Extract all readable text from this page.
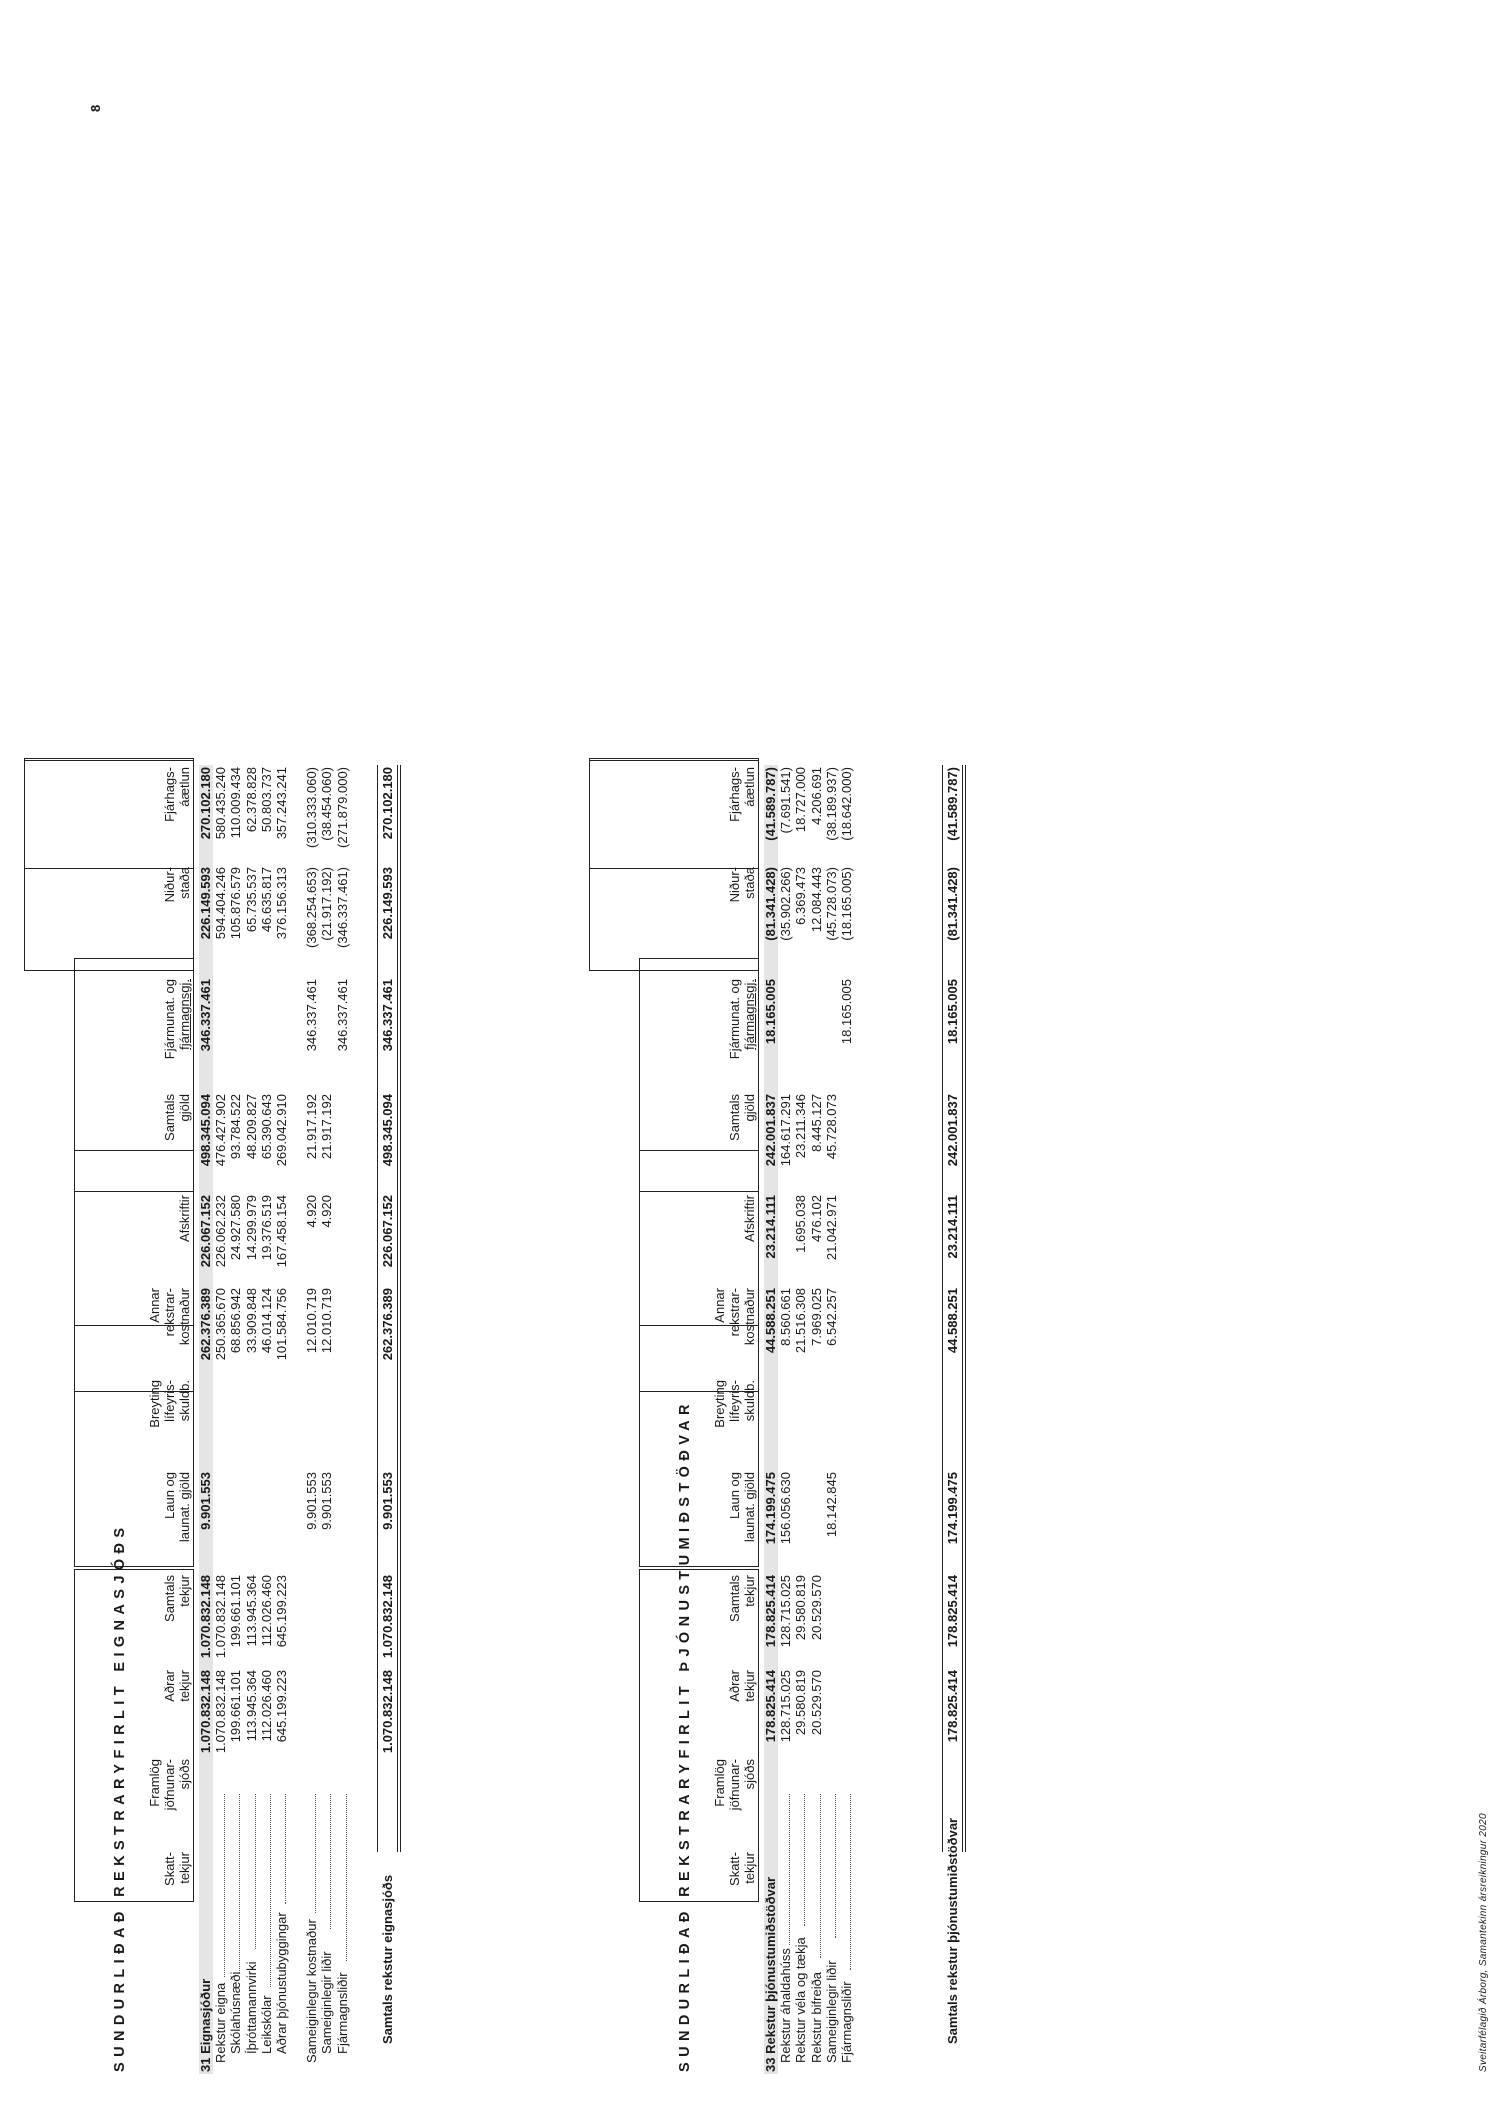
8
Sveitarfélagið Árborg, Samantekinn ársreikningur 2020
SUNDURLIÐAÐ REKSTRARYFIRLIT EIGNASJÓÐS	Skatt- tekjur
Framlög jöfnunar- sjóðs
Aðrar tekjur
Samtals tekjur
Laun og launat. gjöld
Breyting lífeyris- skuldb.
Annar rekstrar- kostnaður
Afskriftir
Samtals gjöld
Fjármunat. og fjármagnsgj.
Niður- staða
Fjárhags- áætlun
31 Eignasjóður
1.070.832.148
1.070.832.148
9.901.553
262.376.389
226.067.152
498.345.094
346.337.461
226.149.593
270.102.180
Rekstur eigna
1.070.832.148
1.070.832.148
250.365.670
226.062.232
476.427.902
594.404.246
580.435.240
Skólahúsnæði
199.661.101
199.661.101
68.856.942
24.927.580
93.784.522
105.876.579
110.009.434
Íþróttamannvirki
113.945.364
113.945.364
33.909.848
14.299.979
48.209.827
65.735.537
62.378.828
Leikskólar
112.026.460
112.026.460
46.014.124
19.376.519
65.390.643
46.635.817
50.803.737
Aðrar þjónustubyggingar
645.199.223
645.199.223
101.584.756
167.458.154
269.042.910
376.156.313
357.243.241
Sameiginlegur kostnaður
9.901.553
12.010.719
4.920
21.917.192
346.337.461
(368.254.653)
(310.333.060)
Sameiginlegir liðir
9.901.553
12.010.719
4.920
21.917.192
(21.917.192)
(38.454.060)
Fjármagnsliðir
346.337.461
(346.337.461)
(271.879.000)
Samtals rekstur eignasjóðs
1.070.832.148
1.070.832.148
9.901.553
262.376.389
226.067.152
498.345.094
346.337.461
226.149.593
270.102.180
SUNDURLIÐAÐ REKSTRARYFIRLIT ÞJÓNUSTUMIÐSTÖÐVAR	Skatt- tekjur
Framlög jöfnunar- sjóðs
Aðrar tekjur
Samtals tekjur
Laun og launat. gjöld
Breyting lífeyris- skuldb.
Annar rekstrar- kostnaður
Afskriftir
Samtals gjöld
Fjármunat. og fjármagnsgj.
Niður- staða
Fjárhags- áætlun
33 Rekstur þjónustumiðstöðvar
178.825.414
178.825.414
174.199.475
44.588.251
23.214.111
242.001.837
18.165.005
(81.341.428)
(41.589.787)
Rekstur áhaldahúss
128.715.025
128.715.025
156.056.630
8.560.661
164.617.291
(35.902.266)
(7.691.541)
Rekstur véla og tækja
29.580.819
29.580.819
21.516.308
1.695.038
23.211.346
6.369.473
18.727.000
Rekstur bifreiða
20.529.570
20.529.570
7.969.025
476.102
8.445.127
12.084.443
4.206.691
Sameiginlegir liðir
18.142.845
6.542.257
21.042.971
45.728.073
(45.728.073)
(38.189.937)
Fjármagnsliðir
18.165.005
(18.165.005)
(18.642.000)
Samtals rekstur þjónustumiðstöðvar
178.825.414
178.825.414
174.199.475
44.588.251
23.214.111
242.001.837
18.165.005
(81.341.428)
(41.589.787)
